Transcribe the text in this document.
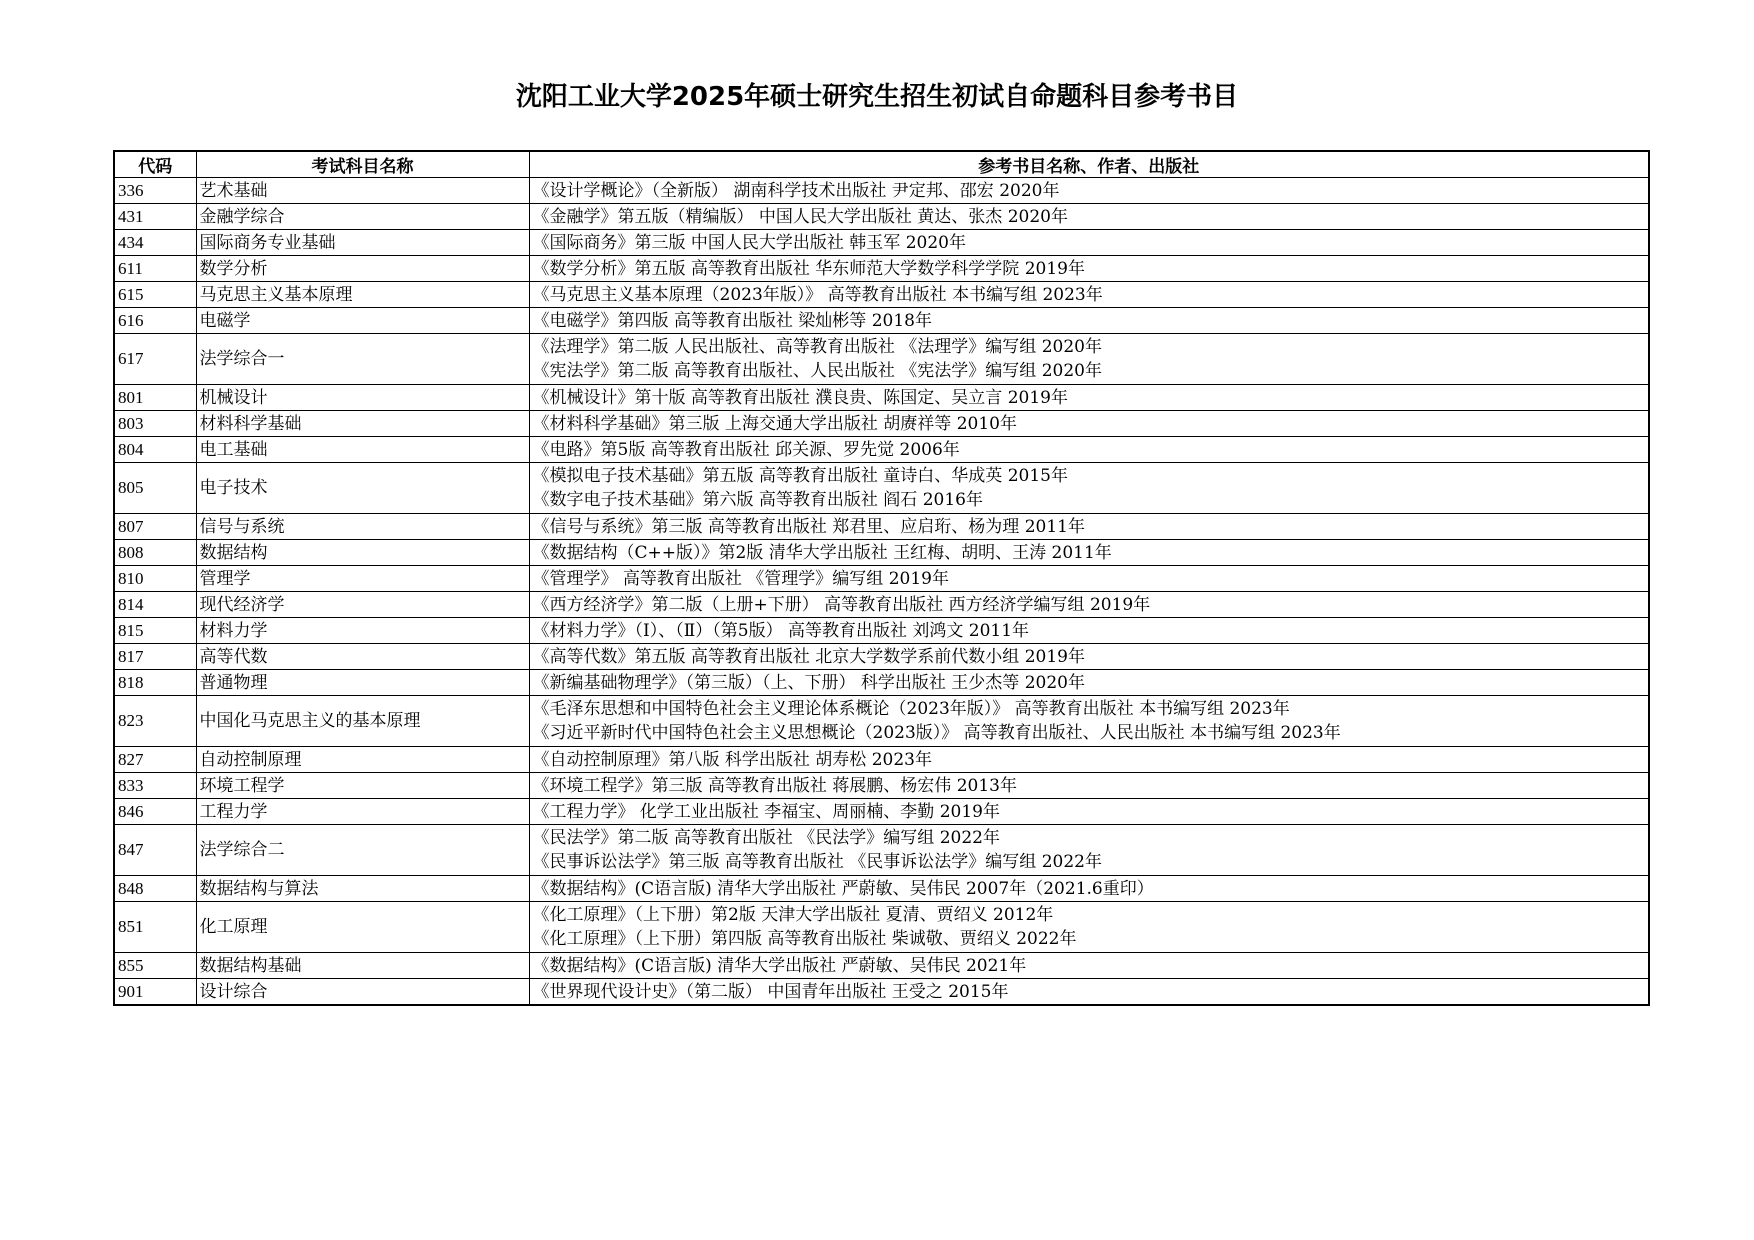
沈阳工业大学2025年硕士研究生招生初试自命题科目参考书目
代码	考试科目名称	参考书目名称、作者、出版社
336	艺术基础	《设计学概论》（全新版） 湖南科学技术出版社 尹定邦、邵宏 2020年

431	金融学综合	《金融学》第五版（精编版） 中国人民大学出版社 黄达、张杰 2020年

434	国际商务专业基础	《国际商务》第三版 中国人民大学出版社 韩玉军 2020年

611	数学分析	《数学分析》第五版 高等教育出版社 华东师范大学数学科学学院 2019年

615	马克思主义基本原理	《马克思主义基本原理（2023年版）》 高等教育出版社 本书编写组 2023年

616	电磁学	《电磁学》第四版 高等教育出版社 梁灿彬等 2018年

617	法学综合一	《法理学》第二版 人民出版社、高等教育出版社 《法理学》编写组 2020年
《宪法学》第二版 高等教育出版社、人民出版社 《宪法学》编写组 2020年

801	机械设计	《机械设计》第十版 高等教育出版社 濮良贵、陈国定、吴立言 2019年

803	材料科学基础	《材料科学基础》第三版 上海交通大学出版社 胡赓祥等 2010年

804	电工基础	《电路》第5版 高等教育出版社 邱关源、罗先觉 2006年

805	电子技术	《模拟电子技术基础》第五版 高等教育出版社 童诗白、华成英 2015年
《数字电子技术基础》第六版 高等教育出版社 阎石 2016年

807	信号与系统	《信号与系统》第三版 高等教育出版社 郑君里、应启珩、杨为理 2011年

808	数据结构	《数据结构（C++版）》第2版 清华大学出版社 王红梅、胡明、王涛 2011年

810	管理学	《管理学》 高等教育出版社 《管理学》编写组 2019年

814	现代经济学	《西方经济学》第二版（上册+下册） 高等教育出版社 西方经济学编写组 2019年

815	材料力学	《材料力学》（Ⅰ）、（Ⅱ）（第5版） 高等教育出版社 刘鸿文 2011年

817	高等代数	《高等代数》第五版 高等教育出版社 北京大学数学系前代数小组 2019年

818	普通物理	《新编基础物理学》（第三版）（上、下册） 科学出版社 王少杰等 2020年

823	中国化马克思主义的基本原理	《毛泽东思想和中国特色社会主义理论体系概论（2023年版）》 高等教育出版社 本书编写组 2023年
《习近平新时代中国特色社会主义思想概论（2023版）》 高等教育出版社、人民出版社 本书编写组 2023年

827	自动控制原理	《自动控制原理》第八版 科学出版社 胡寿松 2023年

833	环境工程学	《环境工程学》第三版 高等教育出版社 蒋展鹏、杨宏伟 2013年

846	工程力学	《工程力学》 化学工业出版社 李福宝、周丽楠、李勤 2019年

847	法学综合二	《民法学》第二版 高等教育出版社 《民法学》编写组 2022年
《民事诉讼法学》第三版 高等教育出版社 《民事诉讼法学》编写组 2022年

848	数据结构与算法	《数据结构》(C语言版) 清华大学出版社 严蔚敏、吴伟民 2007年（2021.6重印）

851	化工原理	《化工原理》（上下册）第2版 天津大学出版社 夏清、贾绍义 2012年
《化工原理》（上下册）第四版 高等教育出版社 柴诚敬、贾绍义 2022年

855	数据结构基础	《数据结构》(C语言版) 清华大学出版社 严蔚敏、吴伟民 2021年

901	设计综合	《世界现代设计史》（第二版） 中国青年出版社 王受之 2015年
